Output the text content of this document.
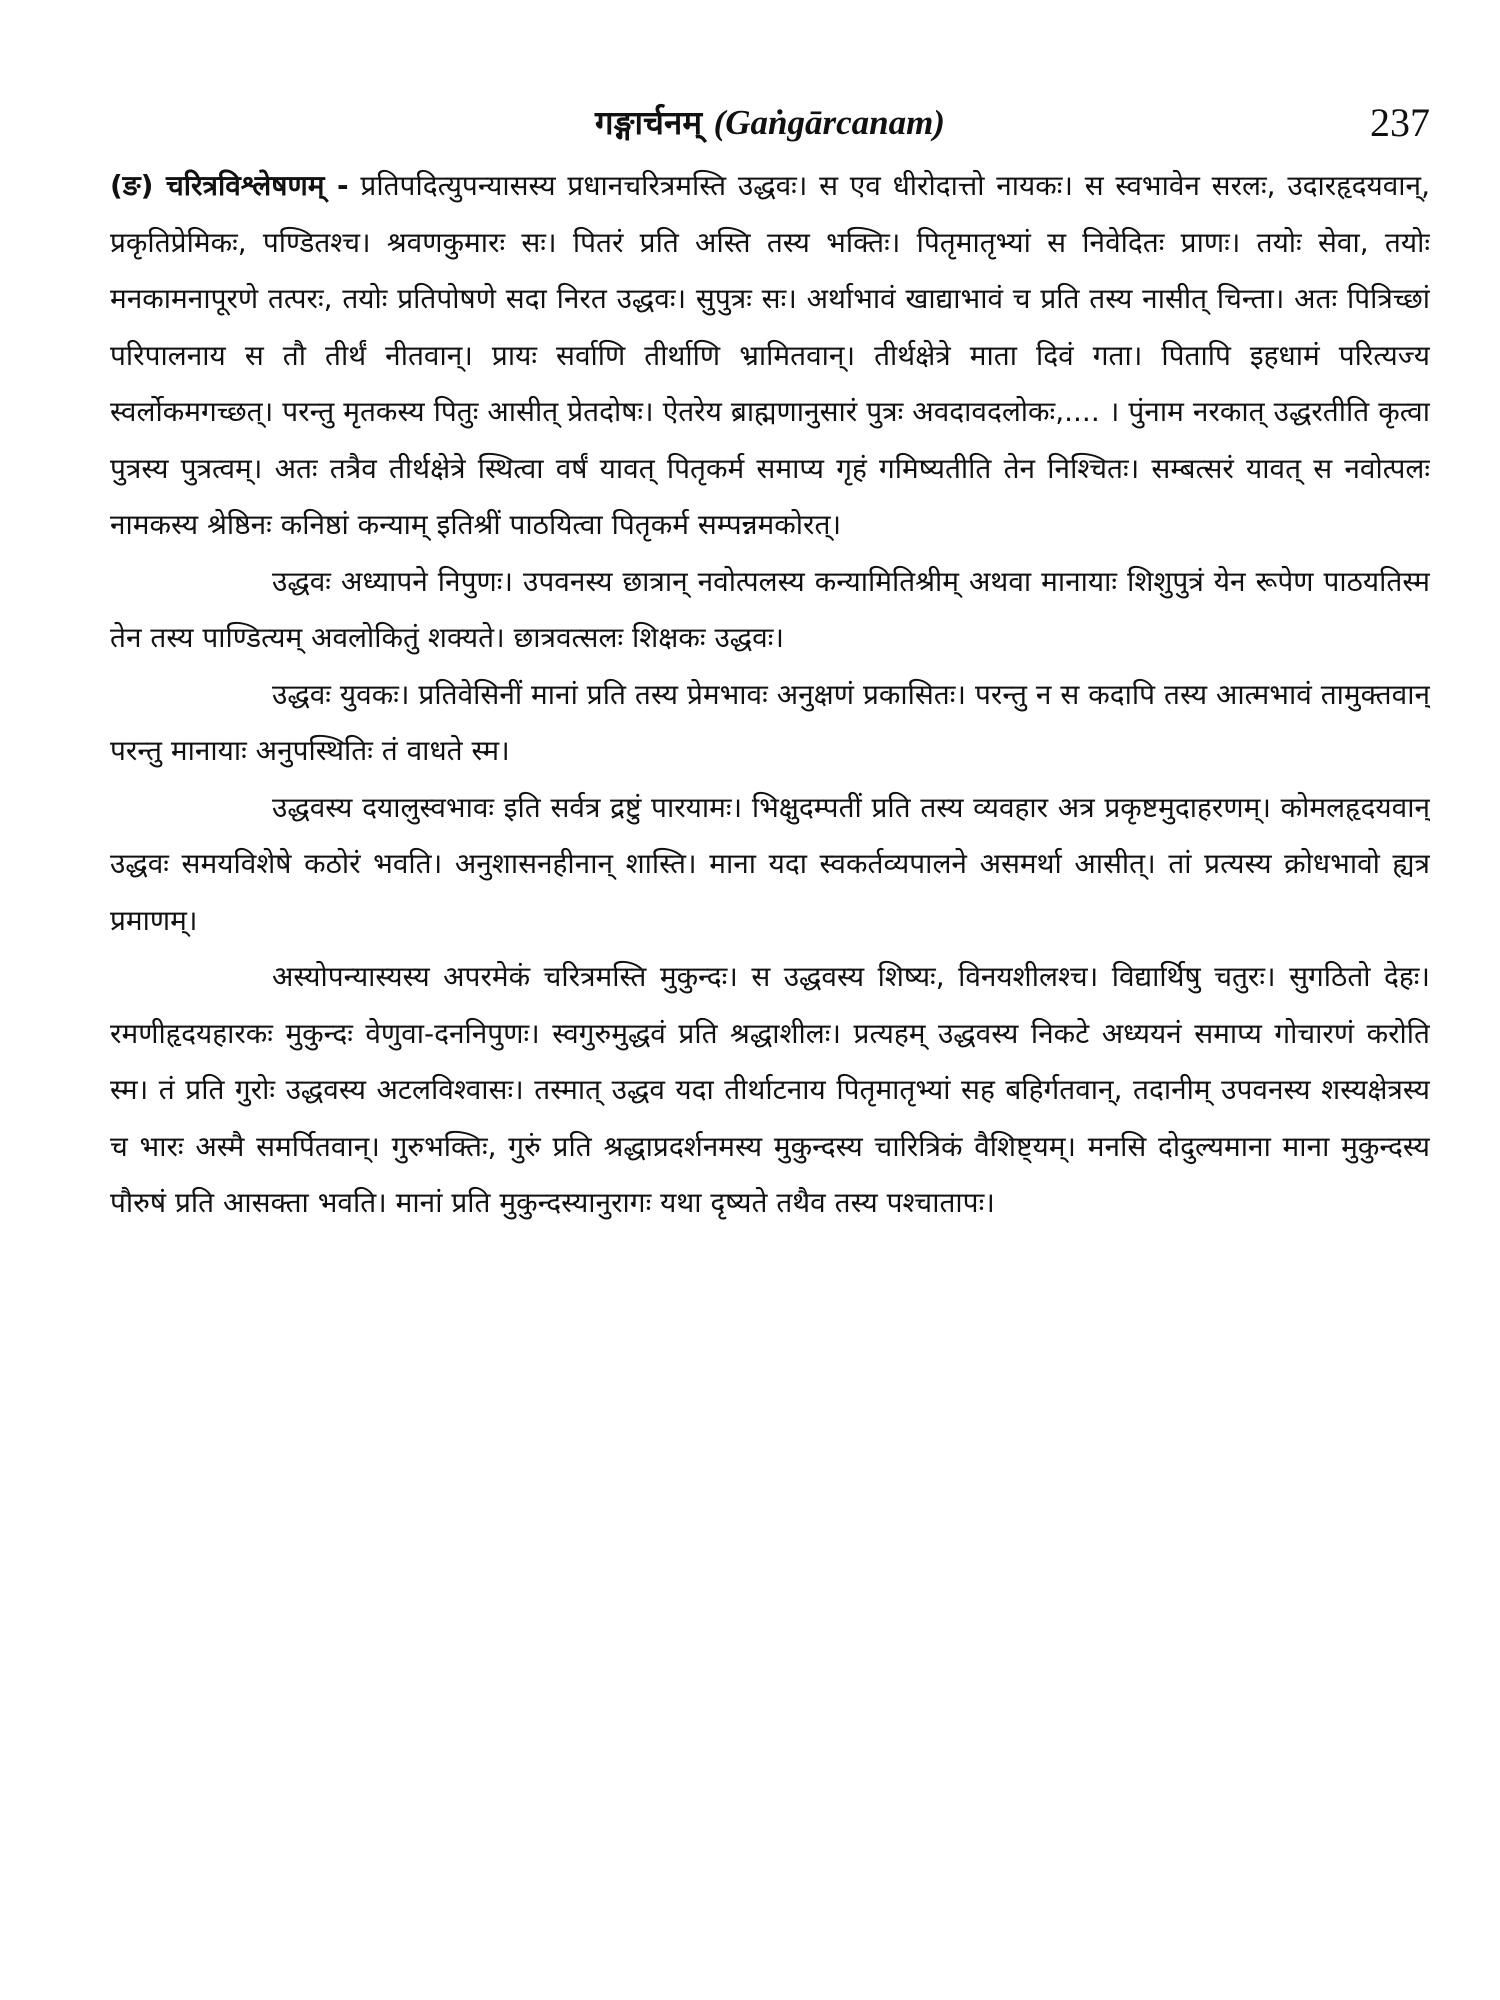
गङ्गार्चनम् (Gaṅgārcanam)	237

(ङ) चरित्रविश्लेषणम् - प्रतिपदित्युपन्यासस्य प्रधानचरित्रमस्ति उद्धवः। स एव धीरोदात्तो नायकः। स स्वभावेन सरलः, उदारहृदयवान्, प्रकृतिप्रेमिकः, पण्डितश्च। श्रवणकुमारः सः। पितरं प्रति अस्ति तस्य भक्तिः। पितृमातृभ्यां स निवेदितः प्राणः। तयोः सेवा, तयोः मनकामनापूरणे तत्परः, तयोः प्रतिपोषणे सदा निरत उद्धवः। सुपुत्रः सः। अर्थाभावं खाद्याभावं च प्रति तस्य नासीत् चिन्ता। अतः पित्रिच्छां परिपालनाय स तौ तीर्थं नीतवान्। प्रायः सर्वाणि तीर्थाणि भ्रामितवान्। तीर्थक्षेत्रे माता दिवं गता। पितापि इहधामं परित्यज्य स्वर्लोकमगच्छत्। परन्तु मृतकस्य पितुः आसीत् प्रेतदोषः। ऐतरेय ब्राह्मणानुसारं पुत्रः अवदावदलोकः,.... । पुंनाम नरकात् उद्धरतीति कृत्वा पुत्रस्य पुत्रत्वम्। अतः तत्रैव तीर्थक्षेत्रे स्थित्वा वर्षं यावत् पितृकर्म समाप्य गृहं गमिष्यतीति तेन निश्चितः। सम्बत्सरं यावत् स नवोत्पलः नामकस्य श्रेष्ठिनः कनिष्ठां कन्याम् इतिश्रीं पाठयित्वा पितृकर्म सम्पन्नमकोरत्।

उद्धवः अध्यापने निपुणः। उपवनस्य छात्रान् नवोत्पलस्य कन्यामितिश्रीम् अथवा मानायाः शिशुपुत्रं येन रूपेण पाठयतिस्म तेन तस्य पाण्डित्यम् अवलोकितुं शक्यते। छात्रवत्सलः शिक्षकः उद्धवः।

उद्धवः युवकः। प्रतिवेसिनीं मानां प्रति तस्य प्रेमभावः अनुक्षणं प्रकासितः। परन्तु न स कदापि तस्य आत्मभावं तामुक्तवान् परन्तु मानायाः अनुपस्थितिः तं वाधते स्म।

उद्धवस्य दयालुस्वभावः इति सर्वत्र द्रष्टुं पारयामः। भिक्षुदम्पतीं प्रति तस्य व्यवहार अत्र प्रकृष्टमुदाहरणम्। कोमलहृदयवान् उद्धवः समयविशेषे कठोरं भवति। अनुशासनहीनान् शास्ति। माना यदा स्वकर्तव्यपालने असमर्था आसीत्। तां प्रत्यस्य क्रोधभावो ह्यत्र प्रमाणम्।

अस्योपन्यास्यस्य अपरमेकं चरित्रमस्ति मुकुन्दः। स उद्धवस्य शिष्यः, विनयशीलश्च। विद्यार्थिषु चतुरः। सुगठितो देहः। रमणीहृदयहारकः मुकुन्दः वेणुवा-दननिपुणः। स्वगुरुमुद्धवं प्रति श्रद्धाशीलः। प्रत्यहम् उद्धवस्य निकटे अध्ययनं समाप्य गोचारणं करोति स्म। तं प्रति गुरोः उद्धवस्य अटलविश्वासः। तस्मात् उद्धव यदा तीर्थाटनाय पितृमातृभ्यां सह बहिर्गतवान्, तदानीम् उपवनस्य शस्यक्षेत्रस्य च भारः अस्मै समर्पितवान्। गुरुभक्तिः, गुरुं प्रति श्रद्धाप्रदर्शनमस्य मुकुन्दस्य चारित्रिकं वैशिष्ट्यम्। मनसि दोदुल्यमाना माना मुकुन्दस्य पौरुषं प्रति आसक्ता भवति। मानां प्रति मुकुन्दस्यानुरागः यथा दृष्यते तथैव तस्य पश्चातापः।
